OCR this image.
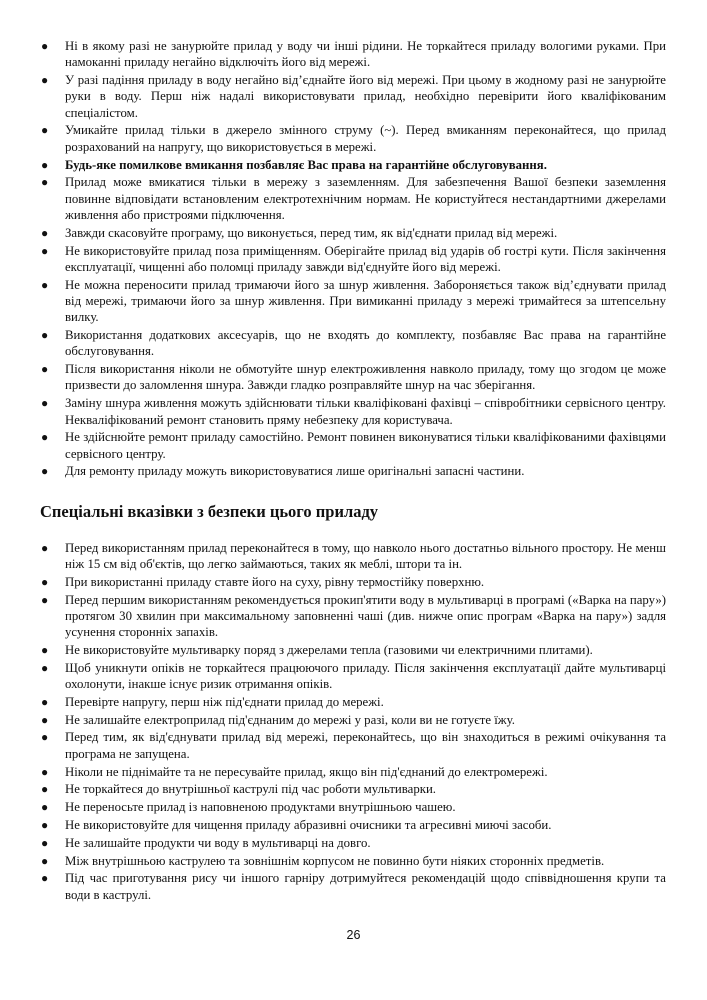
● Ні в якому разі не занурюйте прилад у воду чи інші рідини. Не торкайтеся приладу вологими руками. При намоканні приладу негайно відключіть його від мережі.
● У разі падіння приладу в воду негайно від’єднайте його від мережі. При цьому в жодному разі не занурюйте руки в воду. Перш ніж надалі використовувати прилад, необхідно перевірити його кваліфікованим спеціалістом.
● Умикайте прилад тільки в джерело змінного струму (~). Перед вмиканням переконайтеся, що прилад розрахований на напругу, що використовується в мережі.
● Будь-яке помилкове вмикання позбавляє Вас права на гарантійне обслуговування.
● Прилад може вмикатися тільки в мережу з заземленням. Для забезпечення Вашої безпеки заземлення повинне відповідати встановленим електротехнічним нормам. Не користуйтеся нестандартними джерелами живлення або пристроями підключення.
● Завжди скасовуйте програму, що виконується, перед тим, як від'єднати прилад від мережі.
● Не використовуйте прилад поза приміщенням. Оберігайте прилад від ударів об гострі кути. Після закінчення експлуатації, чищенні або поломці приладу завжди від'єднуйте його від мережі.
● Не можна переносити прилад тримаючи його за шнур живлення. Забороняється також від’єднувати прилад від мережі, тримаючи його за шнур живлення. При вимиканні приладу з мережі тримайтеся за штепсельну вилку.
● Використання додаткових аксесуарів, що не входять до комплекту, позбавляє Вас права на гарантійне обслуговування.
● Після використання ніколи не обмотуйте шнур електроживлення навколо приладу, тому що згодом це може призвести до заломлення шнура. Завжди гладко розправляйте шнур на час зберігання.
● Заміну шнура живлення можуть здійснювати тільки кваліфіковані фахівці – співробітники сервісного центру. Некваліфікований ремонт становить пряму небезпеку для користувача.
● Не здійснюйте ремонт приладу самостійно. Ремонт повинен виконуватися тільки кваліфікованими фахівцями сервісного центру.
● Для ремонту приладу можуть використовуватися лише оригінальні запасні частини.
Спеціальні вказівки з безпеки цього приладу
● Перед використанням прилад переконайтеся в тому, що навколо нього достатньо вільного простору. Не менш ніж 15 см від об'єктів, що легко займаються, таких як меблі, штори та ін.
● При використанні приладу ставте його на суху, рівну термостійку поверхню.
● Перед першим використанням рекомендується прокип'ятити воду в мультиварці в програмі («Варка на пару») протягом 30 хвилин при максимальному заповненні чаші (див. нижче опис програм «Варка на пару») задля усунення сторонніх запахів.
● Не використовуйте мультиварку поряд з джерелами тепла (газовими чи електричними плитами).
● Щоб уникнути опіків не торкайтеся працюючого приладу. Після закінчення експлуатації дайте мультиварці охолонути, інакше існує ризик отримання опіків.
● Перевірте напругу, перш ніж під'єднати прилад до мережі.
● Не залишайте електроприлад під'єднаним до мережі у разі, коли ви не готуєте їжу.
● Перед тим, як від'єднувати прилад від мережі, переконайтесь, що він знаходиться в режимі очікування та програма не запущена.
● Ніколи не піднімайте та не пересувайте прилад, якщо він під'єднаний до електромережі.
● Не торкайтеся до внутрішньої каструлі під час роботи мультиварки.
● Не переносьте прилад із наповненою продуктами внутрішньою чашею.
● Не використовуйте для чищення приладу абразивні очисники та агресивні миючі засоби.
● Не залишайте продукти чи воду в мультиварці на довго.
● Між внутрішньою каструлею та зовнішнім корпусом не повинно бути ніяких сторонніх предметів.
● Під час приготування рису чи іншого гарніру дотримуйтеся рекомендацій щодо співвідношення крупи та води в каструлі.
26
